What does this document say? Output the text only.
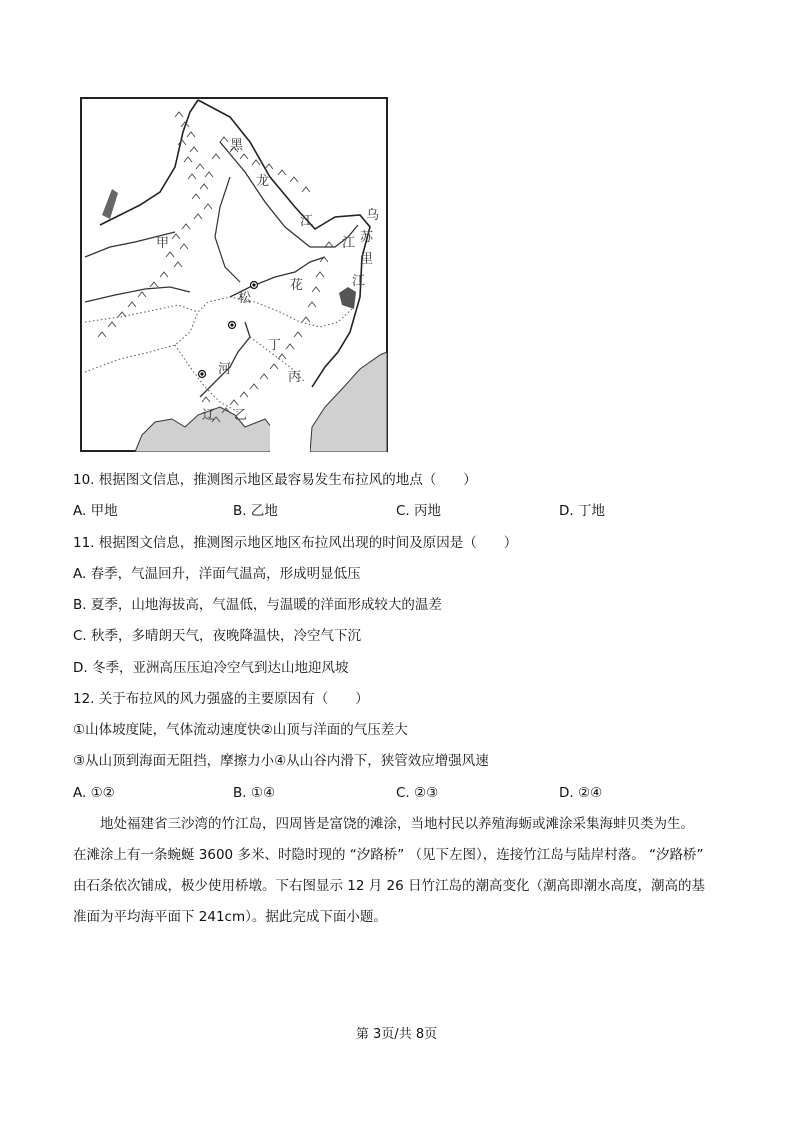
黑
龙
江
江
乌
苏
里
江
花
松
甲
丁
丙
乙
河
辽
10. 根据图文信息，推测图示地区最容易发生布拉风的地点（　　）
A. 甲地	B. 乙地	C. 丙地	D. 丁地
11. 根据图文信息，推测图示地区地区布拉风出现的时间及原因是（　　）
A. 春季，气温回升，洋面气温高，形成明显低压
B. 夏季，山地海拔高，气温低，与温暖的洋面形成较大的温差
C. 秋季，多晴朗天气，夜晚降温快，冷空气下沉
D. 冬季，亚洲高压压迫冷空气到达山地迎风坡
12. 关于布拉风的风力强盛的主要原因有（　　）
①山体坡度陡，气体流动速度快②山顶与洋面的气压差大
③从山顶到海面无阻挡，摩擦力小④从山谷内滑下，狭管效应增强风速
A. ①②	B. ①④	C. ②③	D. ②④
地处福建省三沙湾的竹江岛，四周皆是富饶的滩涂，当地村民以养殖海蛎或滩涂采集海蚌贝类为生。
在滩涂上有一条蜿蜒 3600 多米、时隐时现的 “汐路桥” （见下左图），连接竹江岛与陆岸村落。 “汐路桥”
由石条依次铺成，极少使用桥墩。下右图显示 12 月 26 日竹江岛的潮高变化（潮高即潮水高度，潮高的基
准面为平均海平面下 241cm）。据此完成下面小题。
第 3页/共 8页
